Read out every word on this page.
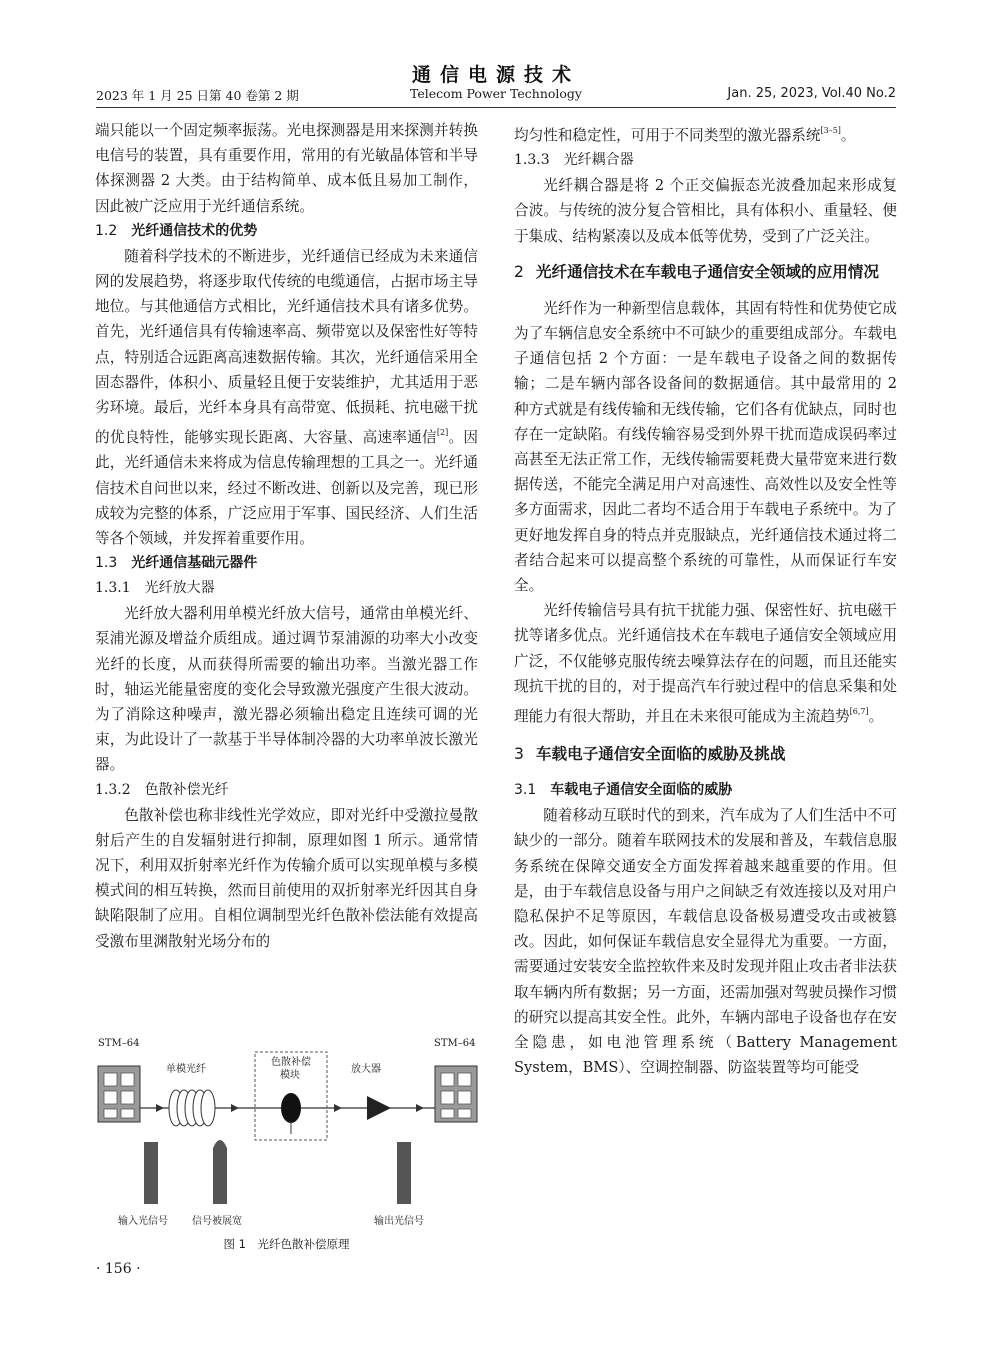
通信电源技术
Telecom Power Technology
2023 年 1 月 25 日第 40 卷第 2 期	Jan. 25, 2023, Vol.40 No.2

端只能以一个固定频率振荡。光电探测器是用来探测并转换电信号的装置，具有重要作用，常用的有光敏晶体管和半导体探测器 2 大类。由于结构简单、成本低且易加工制作，因此被广泛应用于光纤通信系统。

1.2 光纤通信技术的优势

随着科学技术的不断进步，光纤通信已经成为未来通信网的发展趋势，将逐步取代传统的电缆通信，占据市场主导地位。与其他通信方式相比，光纤通信技术具有诸多优势。首先，光纤通信具有传输速率高、频带宽以及保密性好等特点，特别适合远距离高速数据传输。其次，光纤通信采用全固态器件，体积小、质量轻且便于安装维护，尤其适用于恶劣环境。最后，光纤本身具有高带宽、低损耗、抗电磁干扰的优良特性，能够实现长距离、大容量、高速率通信[2]。因此，光纤通信未来将成为信息传输理想的工具之一。光纤通信技术自问世以来，经过不断改进、创新以及完善，现已形成较为完整的体系，广泛应用于军事、国民经济、人们生活等各个领域，并发挥着重要作用。

1.3 光纤通信基础元器件
1.3.1 光纤放大器

光纤放大器利用单模光纤放大信号，通常由单模光纤、泵浦光源及增益介质组成。通过调节泵浦源的功率大小改变光纤的长度，从而获得所需要的输出功率。当激光器工作时，轴运光能量密度的变化会导致激光强度产生很大波动。为了消除这种噪声，激光器必须输出稳定且连续可调的光束，为此设计了一款基于半导体制冷器的大功率单波长激光器。

1.3.2 色散补偿光纤

色散补偿也称非线性光学效应，即对光纤中受激拉曼散射后产生的自发辐射进行抑制，原理如图 1 所示。通常情况下，利用双折射率光纤作为传输介质可以实现单模与多模模式间的相互转换，然而目前使用的双折射率光纤因其自身缺陷限制了应用。自相位调制型光纤色散补偿法能有效提高受激布里渊散射光场分布的

STM–64	STM–64
单模光纤
色散补偿
模块
放大器
输入光信号 信号被展宽	输出光信号
图 1　光纤色散补偿原理
· 156 ·

均匀性和稳定性，可用于不同类型的激光器系统[3–5]。

1.3.3 光纤耦合器

光纤耦合器是将 2 个正交偏振态光波叠加起来形成复合波。与传统的波分复合管相比，具有体积小、重量轻、便于集成、结构紧凑以及成本低等优势，受到了广泛关注。

2 光纤通信技术在车载电子通信安全领域的应用情况

光纤作为一种新型信息载体，其固有特性和优势使它成为了车辆信息安全系统中不可缺少的重要组成部分。车载电子通信包括 2 个方面：一是车载电子设备之间的数据传输；二是车辆内部各设备间的数据通信。其中最常用的 2 种方式就是有线传输和无线传输，它们各有优缺点，同时也存在一定缺陷。有线传输容易受到外界干扰而造成误码率过高甚至无法正常工作，无线传输需要耗费大量带宽来进行数据传送，不能完全满足用户对高速性、高效性以及安全性等多方面需求，因此二者均不适合用于车载电子系统中。为了更好地发挥自身的特点并克服缺点，光纤通信技术通过将二者结合起来可以提高整个系统的可靠性，从而保证行车安全。

光纤传输信号具有抗干扰能力强、保密性好、抗电磁干扰等诸多优点。光纤通信技术在车载电子通信安全领域应用广泛，不仅能够克服传统去噪算法存在的问题，而且还能实现抗干扰的目的，对于提高汽车行驶过程中的信息采集和处理能力有很大帮助，并且在未来很可能成为主流趋势[6,7]。

3 车载电子通信安全面临的威胁及挑战
3.1 车载电子通信安全面临的威胁

随着移动互联时代的到来，汽车成为了人们生活中不可缺少的一部分。随着车联网技术的发展和普及，车载信息服务系统在保障交通安全方面发挥着越来越重要的作用。但是，由于车载信息设备与用户之间缺乏有效连接以及对用户隐私保护不足等原因，车载信息设备极易遭受攻击或被篡改。因此，如何保证车载信息安全显得尤为重要。一方面，需要通过安装安全监控软件来及时发现并阻止攻击者非法获取车辆内所有数据；另一方面，还需加强对驾驶员操作习惯的研究以提高其安全性。此外，车辆内部电子设备也存在安全隐患，如电池管理系统（Battery Management System，BMS）、空调控制器、防盗装置等均可能受
